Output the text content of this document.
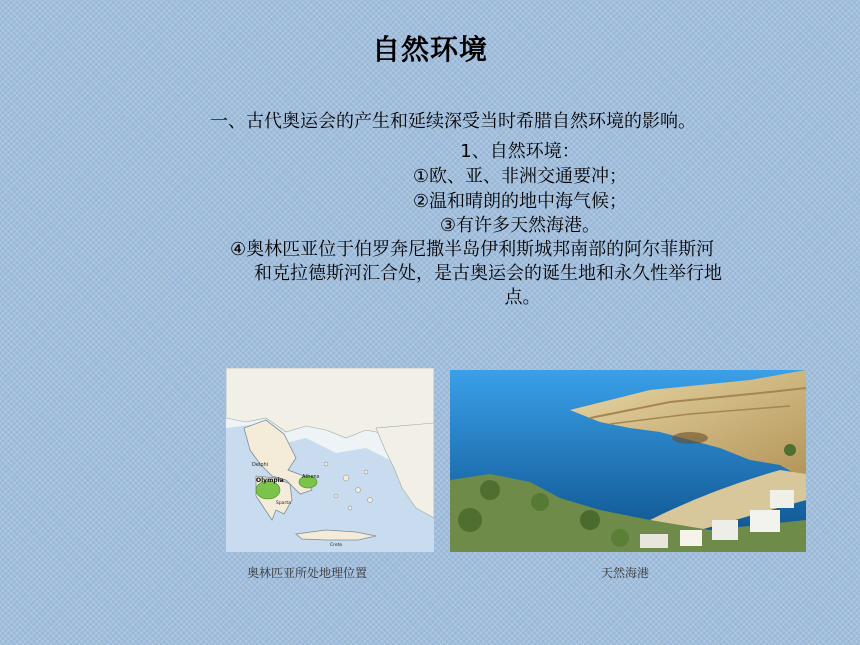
自然环境
一、古代奥运会的产生和延续深受当时希腊自然环境的影响。
1、自然环境：
①欧、亚、非洲交通要冲；
②温和晴朗的地中海气候；
③有许多天然海港。
④奥林匹亚位于伯罗奔尼撒半岛伊利斯城邦南部的阿尔菲斯河
和克拉德斯河汇合处，是古奥运会的诞生地和永久性举行地
点。
Delphi
Olympia	Athens
Sparta
Crete
奥林匹亚所处地理位置	天然海港
